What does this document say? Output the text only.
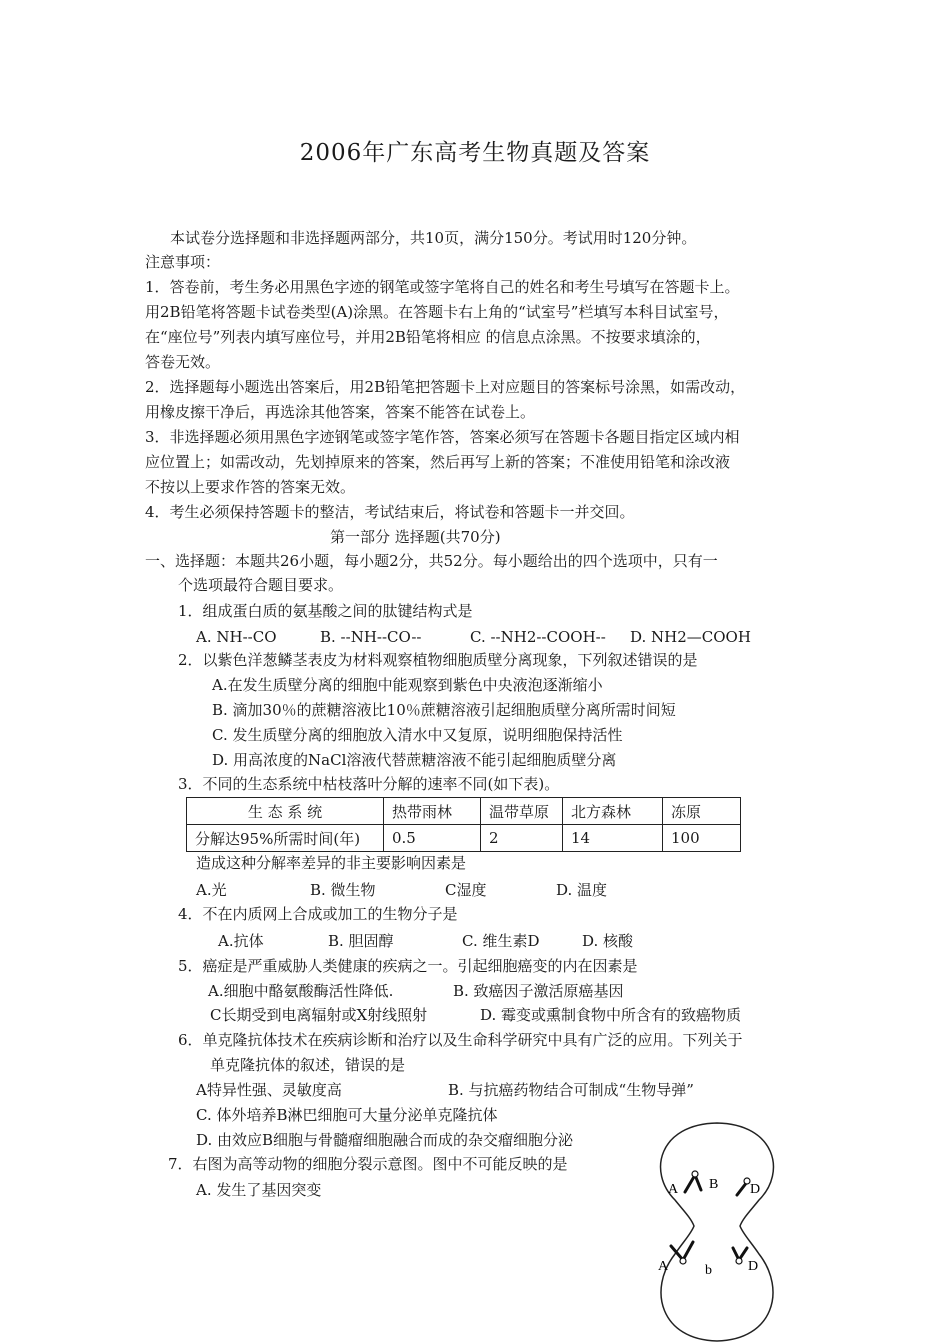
2006年广东高考生物真题及答案
本试卷分选择题和非选择题两部分，共10页，满分150分。考试用时120分钟。
注意事项：
1．答卷前，考生务必用黑色字迹的钢笔或签字笔将自己的姓名和考生号填写在答题卡上。
用2B铅笔将答题卡试卷类型(A)涂黑。在答题卡右上角的“试室号”栏填写本科目试室号，
在“座位号”列表内填写座位号，并用2B铅笔将相应 的信息点涂黑。不按要求填涂的，
答卷无效。
2．选择题每小题选出答案后，用2B铅笔把答题卡上对应题目的答案标号涂黑，如需改动，
用橡皮擦干净后，再选涂其他答案，答案不能答在试卷上。
3．非选择题必须用黑色字迹钢笔或签字笔作答，答案必须写在答题卡各题目指定区域内相
应位置上；如需改动，先划掉原来的答案，然后再写上新的答案；不准使用铅笔和涂改液
不按以上要求作答的答案无效。
4．考生必须保持答题卡的整洁，考试结束后，将试卷和答题卡一并交回。
第一部分 选择题(共70分)
一、选择题：本题共26小题，每小题2分，共52分。每小题给出的四个选项中，只有一
个选项最符合题目要求。
1．组成蛋白质的氨基酸之间的肽键结构式是
A. NH--CO	B. --NH--CO--	C. --NH2--COOH-- D. NH2—COOH
2．以紫色洋葱鳞茎表皮为材料观察植物细胞质壁分离现象，下列叙述错误的是
A.在发生质壁分离的细胞中能观察到紫色中央液泡逐渐缩小
B. 滴加30％的蔗糖溶液比10％蔗糖溶液引起细胞质壁分离所需时间短
C. 发生质壁分离的细胞放入清水中又复原，说明细胞保持活性
D. 用高浓度的NaCl溶液代替蔗糖溶液不能引起细胞质壁分离
3．不同的生态系统中枯枝落叶分解的速率不同(如下表)。
生 态 系 统	热带雨林	温带草原	北方森林	冻原
分解达95%所需时间(年)	0.5	2	14	100
造成这种分解率差异的非主要影响因素是
A.光	B. 微生物	C湿度	D. 温度
4．不在内质网上合成或加工的生物分子是
A.抗体	B. 胆固醇	C. 维生素D	D. 核酸
5．癌症是严重威胁人类健康的疾病之一。引起细胞癌变的内在因素是
A.细胞中酪氨酸酶活性降低.	B. 致癌因子激活原癌基因
C长期受到电离辐射或X射线照射	D. 霉变或熏制食物中所含有的致癌物质
6．单克隆抗体技术在疾病诊断和治疗以及生命科学研究中具有广泛的应用。下列关于
单克隆抗体的叙述，错误的是
A特异性强、灵敏度高	B. 与抗癌药物结合可制成“生物导弹”
C. 体外培养B淋巴细胞可大量分泌单克隆抗体
D. 由效应B细胞与骨髓瘤细胞融合而成的杂交瘤细胞分泌
7．右图为高等动物的细胞分裂示意图。图中不可能反映的是
A. 发生了基因突变	A B D
A	b	D
